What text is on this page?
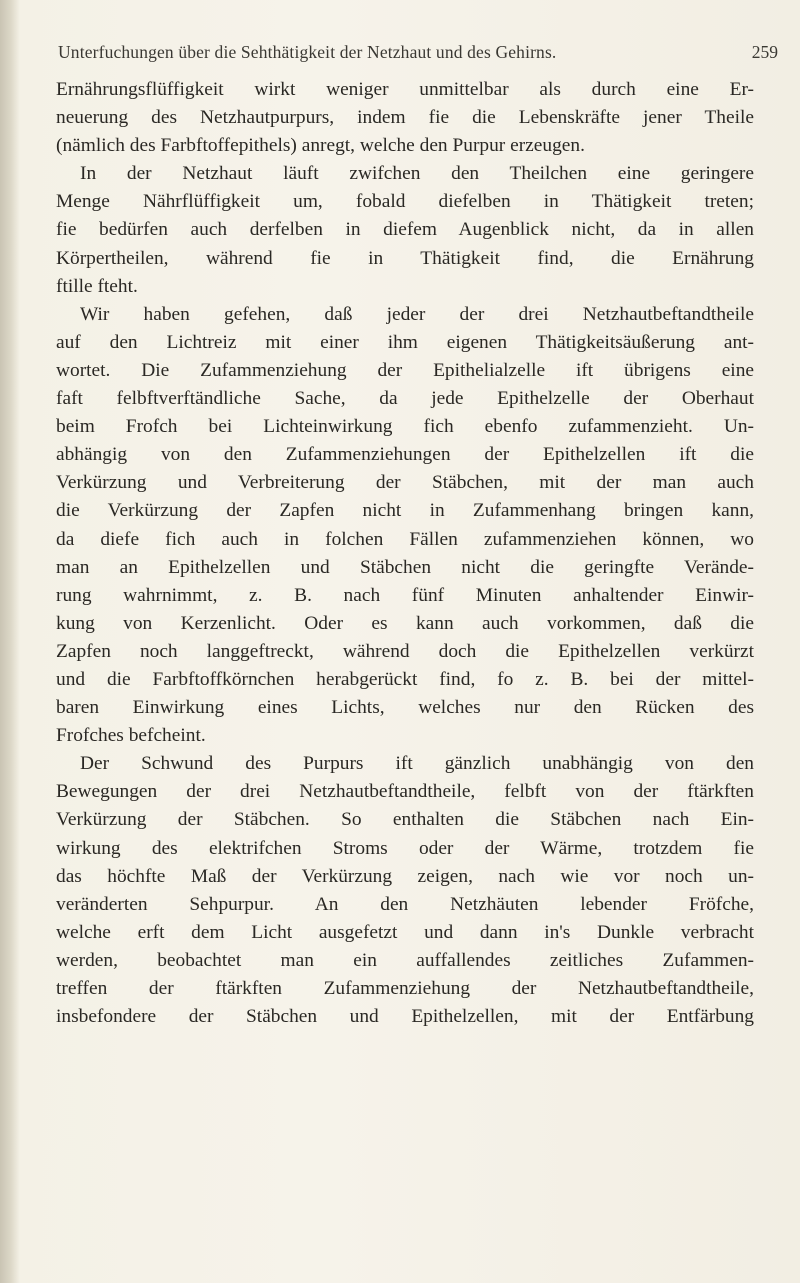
Unterfuchungen über die Sehthätigkeit der Netzhaut und des Gehirns.	259
Ernährungsflüffigkeit wirkt weniger unmittelbar als durch eine Er-
neuerung des Netzhautpurpurs, indem fie die Lebenskräfte jener Theile
(nämlich des Farbftoffepithels) anregt, welche den Purpur erzeugen.
In der Netzhaut läuft zwifchen den Theilchen eine geringere
Menge Nährflüffigkeit um, fobald diefelben in Thätigkeit treten;
fie bedürfen auch derfelben in diefem Augenblick nicht, da in allen
Körpertheilen, während fie in Thätigkeit find, die Ernährung
ftille fteht.
Wir haben gefehen, daß jeder der drei Netzhautbeftandtheile
auf den Lichtreiz mit einer ihm eigenen Thätigkeitsäußerung ant-
wortet. Die Zufammenziehung der Epithelialzelle ift übrigens eine
faft felbftverftändliche Sache, da jede Epithelzelle der Oberhaut
beim Frofch bei Lichteinwirkung fich ebenfo zufammenzieht. Un-
abhängig von den Zufammenziehungen der Epithelzellen ift die
Verkürzung und Verbreiterung der Stäbchen, mit der man auch
die Verkürzung der Zapfen nicht in Zufammenhang bringen kann,
da diefe fich auch in folchen Fällen zufammenziehen können, wo
man an Epithelzellen und Stäbchen nicht die geringfte Verände-
rung wahrnimmt, z. B. nach fünf Minuten anhaltender Einwir-
kung von Kerzenlicht. Oder es kann auch vorkommen, daß die
Zapfen noch langgeftreckt, während doch die Epithelzellen verkürzt
und die Farbftoffkörnchen herabgerückt find, fo z. B. bei der mittel-
baren Einwirkung eines Lichts, welches nur den Rücken des
Frofches befcheint.
Der Schwund des Purpurs ift gänzlich unabhängig von den
Bewegungen der drei Netzhautbeftandtheile, felbft von der ftärkften
Verkürzung der Stäbchen. So enthalten die Stäbchen nach Ein-
wirkung des elektrifchen Stroms oder der Wärme, trotzdem fie
das höchfte Maß der Verkürzung zeigen, nach wie vor noch un-
veränderten Sehpurpur. An den Netzhäuten lebender Fröfche,
welche erft dem Licht ausgefetzt und dann in's Dunkle verbracht
werden, beobachtet man ein auffallendes zeitliches Zufammen-
treffen der ftärkften Zufammenziehung der Netzhautbeftandtheile,
insbefondere der Stäbchen und Epithelzellen, mit der Entfärbung
